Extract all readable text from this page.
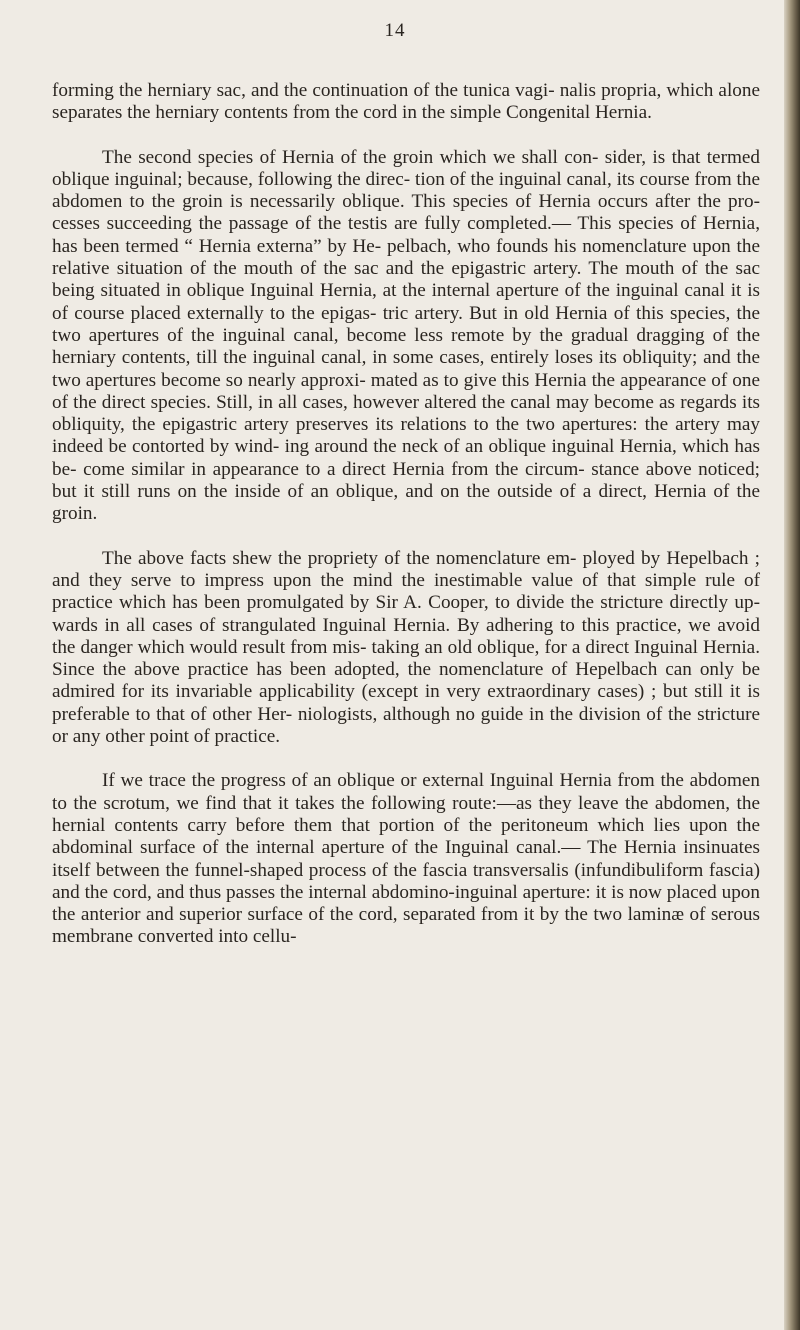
14

forming the herniary sac, and the continuation of the tunica vagi- nalis propria, which alone separates the herniary contents from the cord in the simple Congenital Hernia.

The second species of Hernia of the groin which we shall con- sider, is that termed oblique inguinal; because, following the direc- tion of the inguinal canal, its course from the abdomen to the groin is necessarily oblique. This species of Hernia occurs after the pro- cesses succeeding the passage of the testis are fully completed.— This species of Hernia, has been termed “ Hernia externa” by He- pelbach, who founds his nomenclature upon the relative situation of the mouth of the sac and the epigastric artery. The mouth of the sac being situated in oblique Inguinal Hernia, at the internal aperture of the inguinal canal it is of course placed externally to the epigas- tric artery. But in old Hernia of this species, the two apertures of the inguinal canal, become less remote by the gradual dragging of the herniary contents, till the inguinal canal, in some cases, entirely loses its obliquity; and the two apertures become so nearly approxi- mated as to give this Hernia the appearance of one of the direct species. Still, in all cases, however altered the canal may become as regards its obliquity, the epigastric artery preserves its relations to the two apertures: the artery may indeed be contorted by wind- ing around the neck of an oblique inguinal Hernia, which has be- come similar in appearance to a direct Hernia from the circum- stance above noticed; but it still runs on the inside of an oblique, and on the outside of a direct, Hernia of the groin.

The above facts shew the propriety of the nomenclature em- ployed by Hepelbach ; and they serve to impress upon the mind the inestimable value of that simple rule of practice which has been promulgated by Sir A. Cooper, to divide the stricture directly up- wards in all cases of strangulated Inguinal Hernia. By adhering to this practice, we avoid the danger which would result from mis- taking an old oblique, for a direct Inguinal Hernia. Since the above practice has been adopted, the nomenclature of Hepelbach can only be admired for its invariable applicability (except in very extraordinary cases) ; but still it is preferable to that of other Her- niologists, although no guide in the division of the stricture or any other point of practice.

If we trace the progress of an oblique or external Inguinal Hernia from the abdomen to the scrotum, we find that it takes the following route:—as they leave the abdomen, the hernial contents carry before them that portion of the peritoneum which lies upon the abdominal surface of the internal aperture of the Inguinal canal.— The Hernia insinuates itself between the funnel-shaped process of the fascia transversalis (infundibuliform fascia) and the cord, and thus passes the internal abdomino-inguinal aperture: it is now placed upon the anterior and superior surface of the cord, separated from it by the two laminæ of serous membrane converted into cellu-
